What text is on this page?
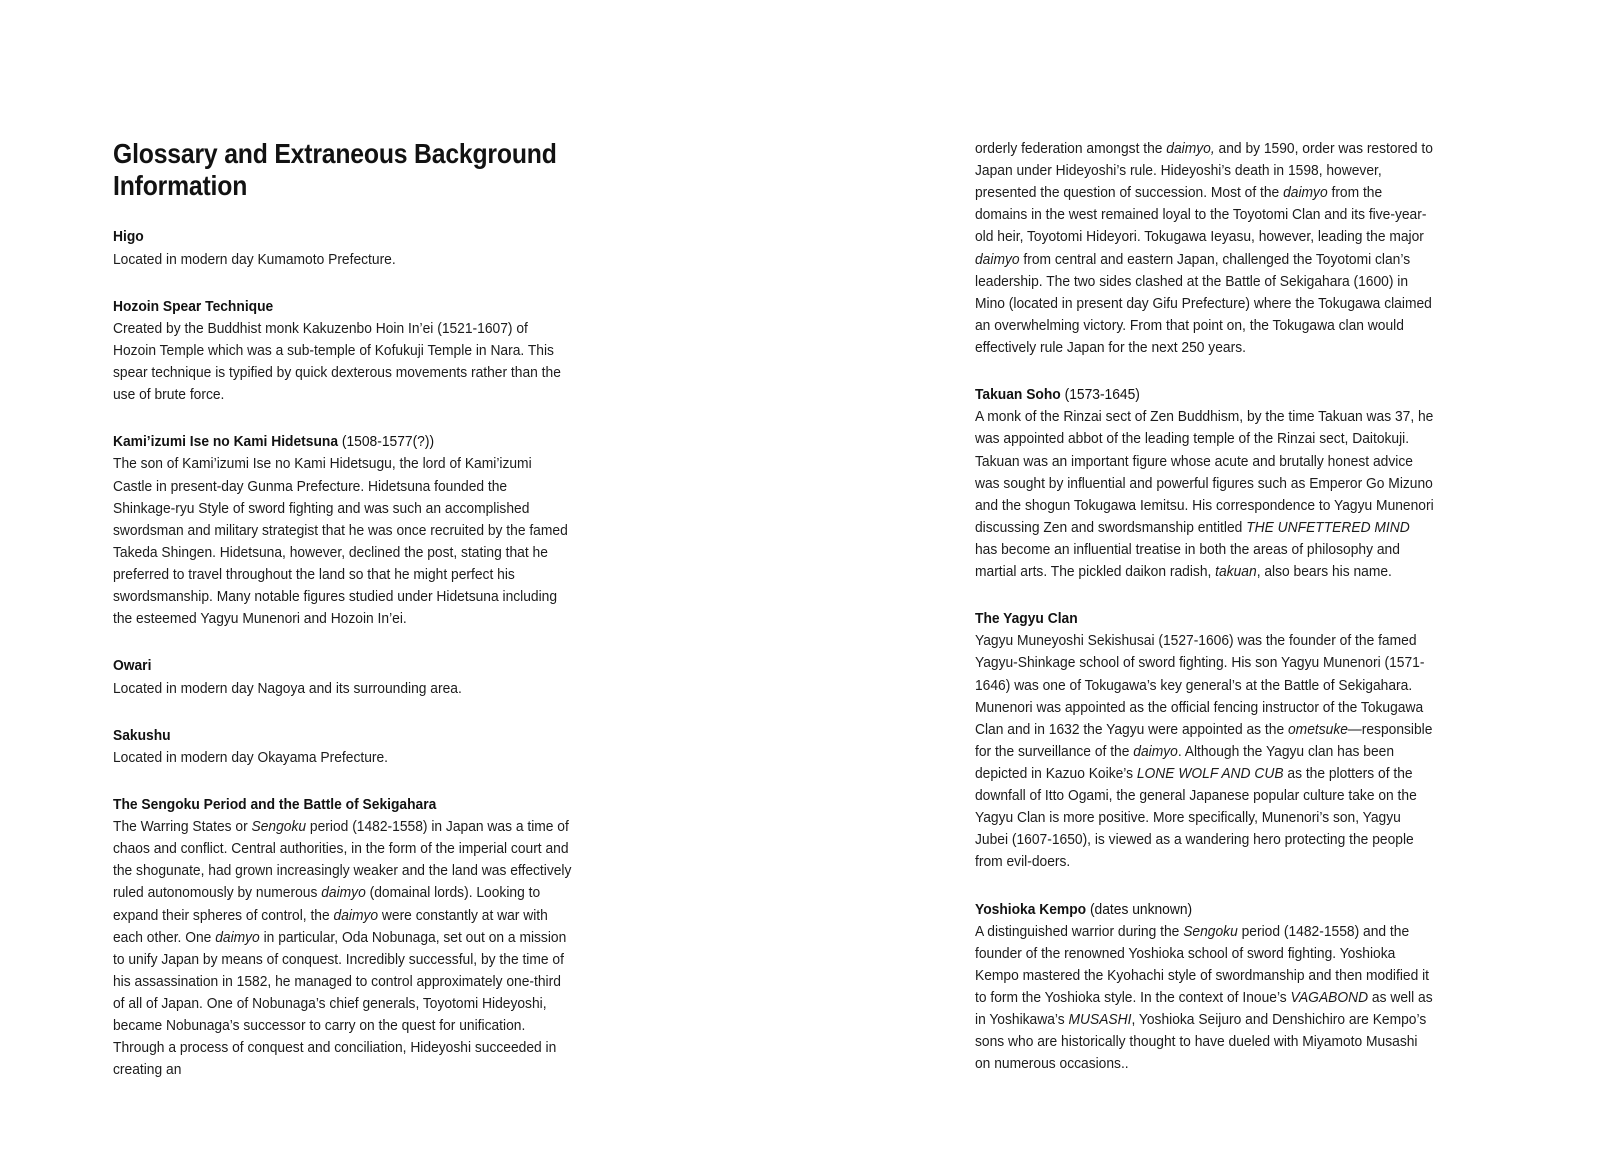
Glossary and Extraneous Background Information
Higo
Located in modern day Kumamoto Prefecture.
Hozoin Spear Technique
Created by the Buddhist monk Kakuzenbo Hoin In’ei (1521-1607) of Hozoin Temple which was a sub-temple of Kofukuji Temple in Nara. This spear technique is typified by quick dexterous movements rather than the use of brute force.
Kami’izumi Ise no Kami Hidetsuna (1508-1577(?))
The son of Kami’izumi Ise no Kami Hidetsugu, the lord of Kami’izumi Castle in present-day Gunma Prefecture. Hidetsuna founded the Shinkage-ryu Style of sword fighting and was such an accomplished swordsman and military strategist that he was once recruited by the famed Takeda Shingen. Hidetsuna, however, declined the post, stating that he preferred to travel throughout the land so that he might perfect his swordsmanship. Many notable figures studied under Hidetsuna including the esteemed Yagyu Munenori and Hozoin In’ei.
Owari
Located in modern day Nagoya and its surrounding area.
Sakushu
Located in modern day Okayama Prefecture.
The Sengoku Period and the Battle of Sekigahara
The Warring States or Sengoku period (1482-1558) in Japan was a time of chaos and conflict. Central authorities, in the form of the imperial court and the shogunate, had grown increasingly weaker and the land was effectively ruled autonomously by numerous daimyo (domainal lords). Looking to expand their spheres of control, the daimyo were constantly at war with each other. One daimyo in particular, Oda Nobunaga, set out on a mission to unify Japan by means of conquest. Incredibly successful, by the time of his assassination in 1582, he managed to control approximately one-third of all of Japan. One of Nobunaga’s chief generals, Toyotomi Hideyoshi, became Nobunaga’s successor to carry on the quest for unification. Through a process of conquest and conciliation, Hideyoshi succeeded in creating an
orderly federation amongst the daimyo, and by 1590, order was restored to Japan under Hideyoshi’s rule. Hideyoshi’s death in 1598, however, presented the question of succession. Most of the daimyo from the domains in the west remained loyal to the Toyotomi Clan and its five-year-old heir, Toyotomi Hideyori. Tokugawa Ieyasu, however, leading the major daimyo from central and eastern Japan, challenged the Toyotomi clan’s leadership. The two sides clashed at the Battle of Sekigahara (1600) in Mino (located in present day Gifu Prefecture) where the Tokugawa claimed an overwhelming victory. From that point on, the Tokugawa clan would effectively rule Japan for the next 250 years.
Takuan Soho (1573-1645)
A monk of the Rinzai sect of Zen Buddhism, by the time Takuan was 37, he was appointed abbot of the leading temple of the Rinzai sect, Daitokuji. Takuan was an important figure whose acute and brutally honest advice was sought by influential and powerful figures such as Emperor Go Mizuno and the shogun Tokugawa Iemitsu. His correspondence to Yagyu Munenori discussing Zen and swordsmanship entitled THE UNFETTERED MIND has become an influential treatise in both the areas of philosophy and martial arts. The pickled daikon radish, takuan, also bears his name.
The Yagyu Clan
Yagyu Muneyoshi Sekishusai (1527-1606) was the founder of the famed Yagyu-Shinkage school of sword fighting. His son Yagyu Munenori (1571-1646) was one of Tokugawa’s key general’s at the Battle of Sekigahara. Munenori was appointed as the official fencing instructor of the Tokugawa Clan and in 1632 the Yagyu were appointed as the ometsuke—responsible for the surveillance of the daimyo. Although the Yagyu clan has been depicted in Kazuo Koike’s LONE WOLF AND CUB as the plotters of the downfall of Itto Ogami, the general Japanese popular culture take on the Yagyu Clan is more positive. More specifically, Munenori’s son, Yagyu Jubei (1607-1650), is viewed as a wandering hero protecting the people from evil-doers.
Yoshioka Kempo (dates unknown)
A distinguished warrior during the Sengoku period (1482-1558) and the founder of the renowned Yoshioka school of sword fighting. Yoshioka Kempo mastered the Kyohachi style of swordmanship and then modified it to form the Yoshioka style. In the context of Inoue’s VAGABOND as well as in Yoshikawa’s MUSASHI, Yoshioka Seijuro and Denshichiro are Kempo’s sons who are historically thought to have dueled with Miyamoto Musashi on numerous occasions..
